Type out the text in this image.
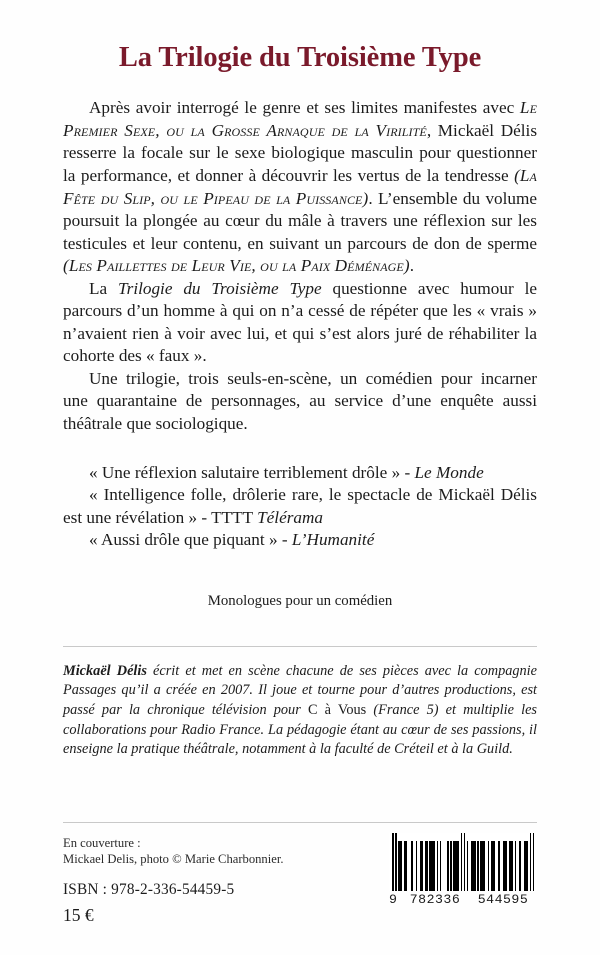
La Trilogie du Troisième Type

Après avoir interrogé le genre et ses limites manifestes avec Le Premier Sexe, ou la Grosse Arnaque de la Virilité, Mickaël Délis resserre la focale sur le sexe biologique masculin pour questionner la performance, et donner à découvrir les vertus de la tendresse (La Fête du Slip, ou le Pipeau de la Puissance). L’ensemble du volume poursuit la plongée au cœur du mâle à travers une réflexion sur les testicules et leur contenu, en suivant un parcours de don de sperme (Les Paillettes de Leur Vie, ou la Paix Déménage).

La Trilogie du Troisième Type questionne avec humour le parcours d’un homme à qui on n’a cessé de répéter que les « vrais » n’avaient rien à voir avec lui, et qui s’est alors juré de réhabiliter la cohorte des « faux ».

Une trilogie, trois seuls-en-scène, un comédien pour incarner une quarantaine de personnages, au service d’une enquête aussi théâtrale que sociologique.

« Une réflexion salutaire terriblement drôle » - Le Monde

« Intelligence folle, drôlerie rare, le spectacle de Mickaël Délis est une révélation » - TTTT Télérama

« Aussi drôle que piquant » - L’Humanité

Monologues pour un comédien

Mickaël Délis écrit et met en scène chacune de ses pièces avec la compagnie Passages qu’il a créée en 2007. Il joue et tourne pour d’autres productions, est passé par la chronique télévision pour C à Vous (France 5) et multiplie les collaborations pour Radio France. La pédagogie étant au cœur de ses passions, il enseigne la pratique théâtrale, notamment à la faculté de Créteil et à la Guild.

En couverture :
Mickael Delis, photo © Marie Charbonnier.
ISBN : 978-2-336-54459-5
15 €
9 782336	544595
